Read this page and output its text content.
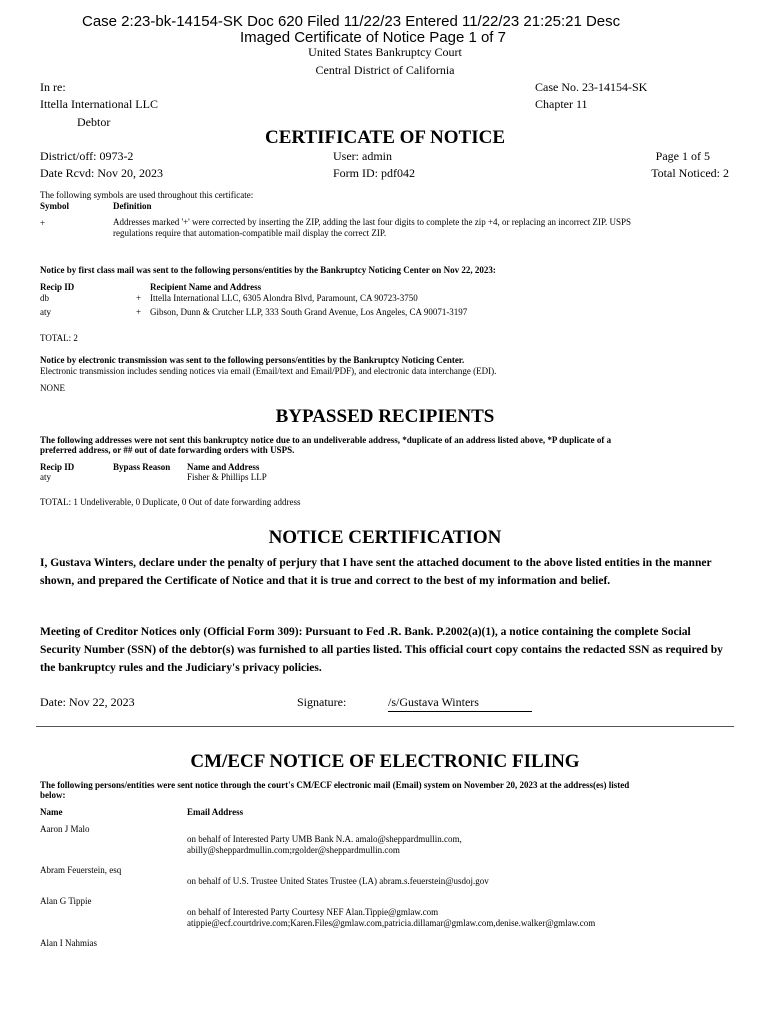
Case 2:23-bk-14154-SK Doc 620 Filed 11/22/23 Entered 11/22/23 21:25:21 Desc
Imaged Certificate of Notice Page 1 of 7
United States Bankruptcy Court
Central District of California
In re:
Ittella International LLC
Debtor
Case No. 23-14154-SK
Chapter 11
CERTIFICATE OF NOTICE
District/off: 0973-2
Date Rcvd: Nov 20, 2023
User: admin
Form ID: pdf042
Page 1 of 5
Total Noticed: 2
The following symbols are used throughout this certificate:
Symbol	Definition
+	Addresses marked '+' were corrected by inserting the ZIP, adding the last four digits to complete the zip +4, or replacing an incorrect ZIP. USPS
regulations require that automation-compatible mail display the correct ZIP.
Notice by first class mail was sent to the following persons/entities by the Bankruptcy Noticing Center on Nov 22, 2023:
Recip ID	Recipient Name and Address
db	+ Ittella International LLC, 6305 Alondra Blvd, Paramount, CA 90723-3750
aty	+ Gibson, Dunn & Crutcher LLP, 333 South Grand Avenue, Los Angeles, CA 90071-3197
TOTAL: 2
Notice by electronic transmission was sent to the following persons/entities by the Bankruptcy Noticing Center.
Electronic transmission includes sending notices via email (Email/text and Email/PDF), and electronic data interchange (EDI).
NONE
BYPASSED RECIPIENTS
The following addresses were not sent this bankruptcy notice due to an undeliverable address, *duplicate of an address listed above, *P duplicate of a
preferred address, or ## out of date forwarding orders with USPS.
Recip ID	Bypass Reason Name and Address
aty	Fisher & Phillips LLP
TOTAL: 1 Undeliverable, 0 Duplicate, 0 Out of date forwarding address
NOTICE CERTIFICATION
I, Gustava Winters, declare under the penalty of perjury that I have sent the attached document to the above listed entities in the manner shown, and prepared the Certificate of Notice and that it is true and correct to the best of my information and belief.
Meeting of Creditor Notices only (Official Form 309): Pursuant to Fed .R. Bank. P.2002(a)(1), a notice containing the complete Social Security Number (SSN) of the debtor(s) was furnished to all parties listed. This official court copy contains the redacted SSN as required by the bankruptcy rules and the Judiciary's privacy policies.
Date: Nov 22, 2023	Signature:	/s/Gustava Winters
CM/ECF NOTICE OF ELECTRONIC FILING
The following persons/entities were sent notice through the court's CM/ECF electronic mail (Email) system on November 20, 2023 at the address(es) listed
below:
Name	Email Address
Aaron J Malo
on behalf of Interested Party UMB Bank N.A. amalo@sheppardmullin.com,
abilly@sheppardmullin.com;rgolder@sheppardmullin.com
Abram Feuerstein, esq
on behalf of U.S. Trustee United States Trustee (LA) abram.s.feuerstein@usdoj.gov
Alan G Tippie
on behalf of Interested Party Courtesy NEF Alan.Tippie@gmlaw.com
atippie@ecf.courtdrive.com;Karen.Files@gmlaw.com,patricia.dillamar@gmlaw.com,denise.walker@gmlaw.com
Alan I Nahmias
